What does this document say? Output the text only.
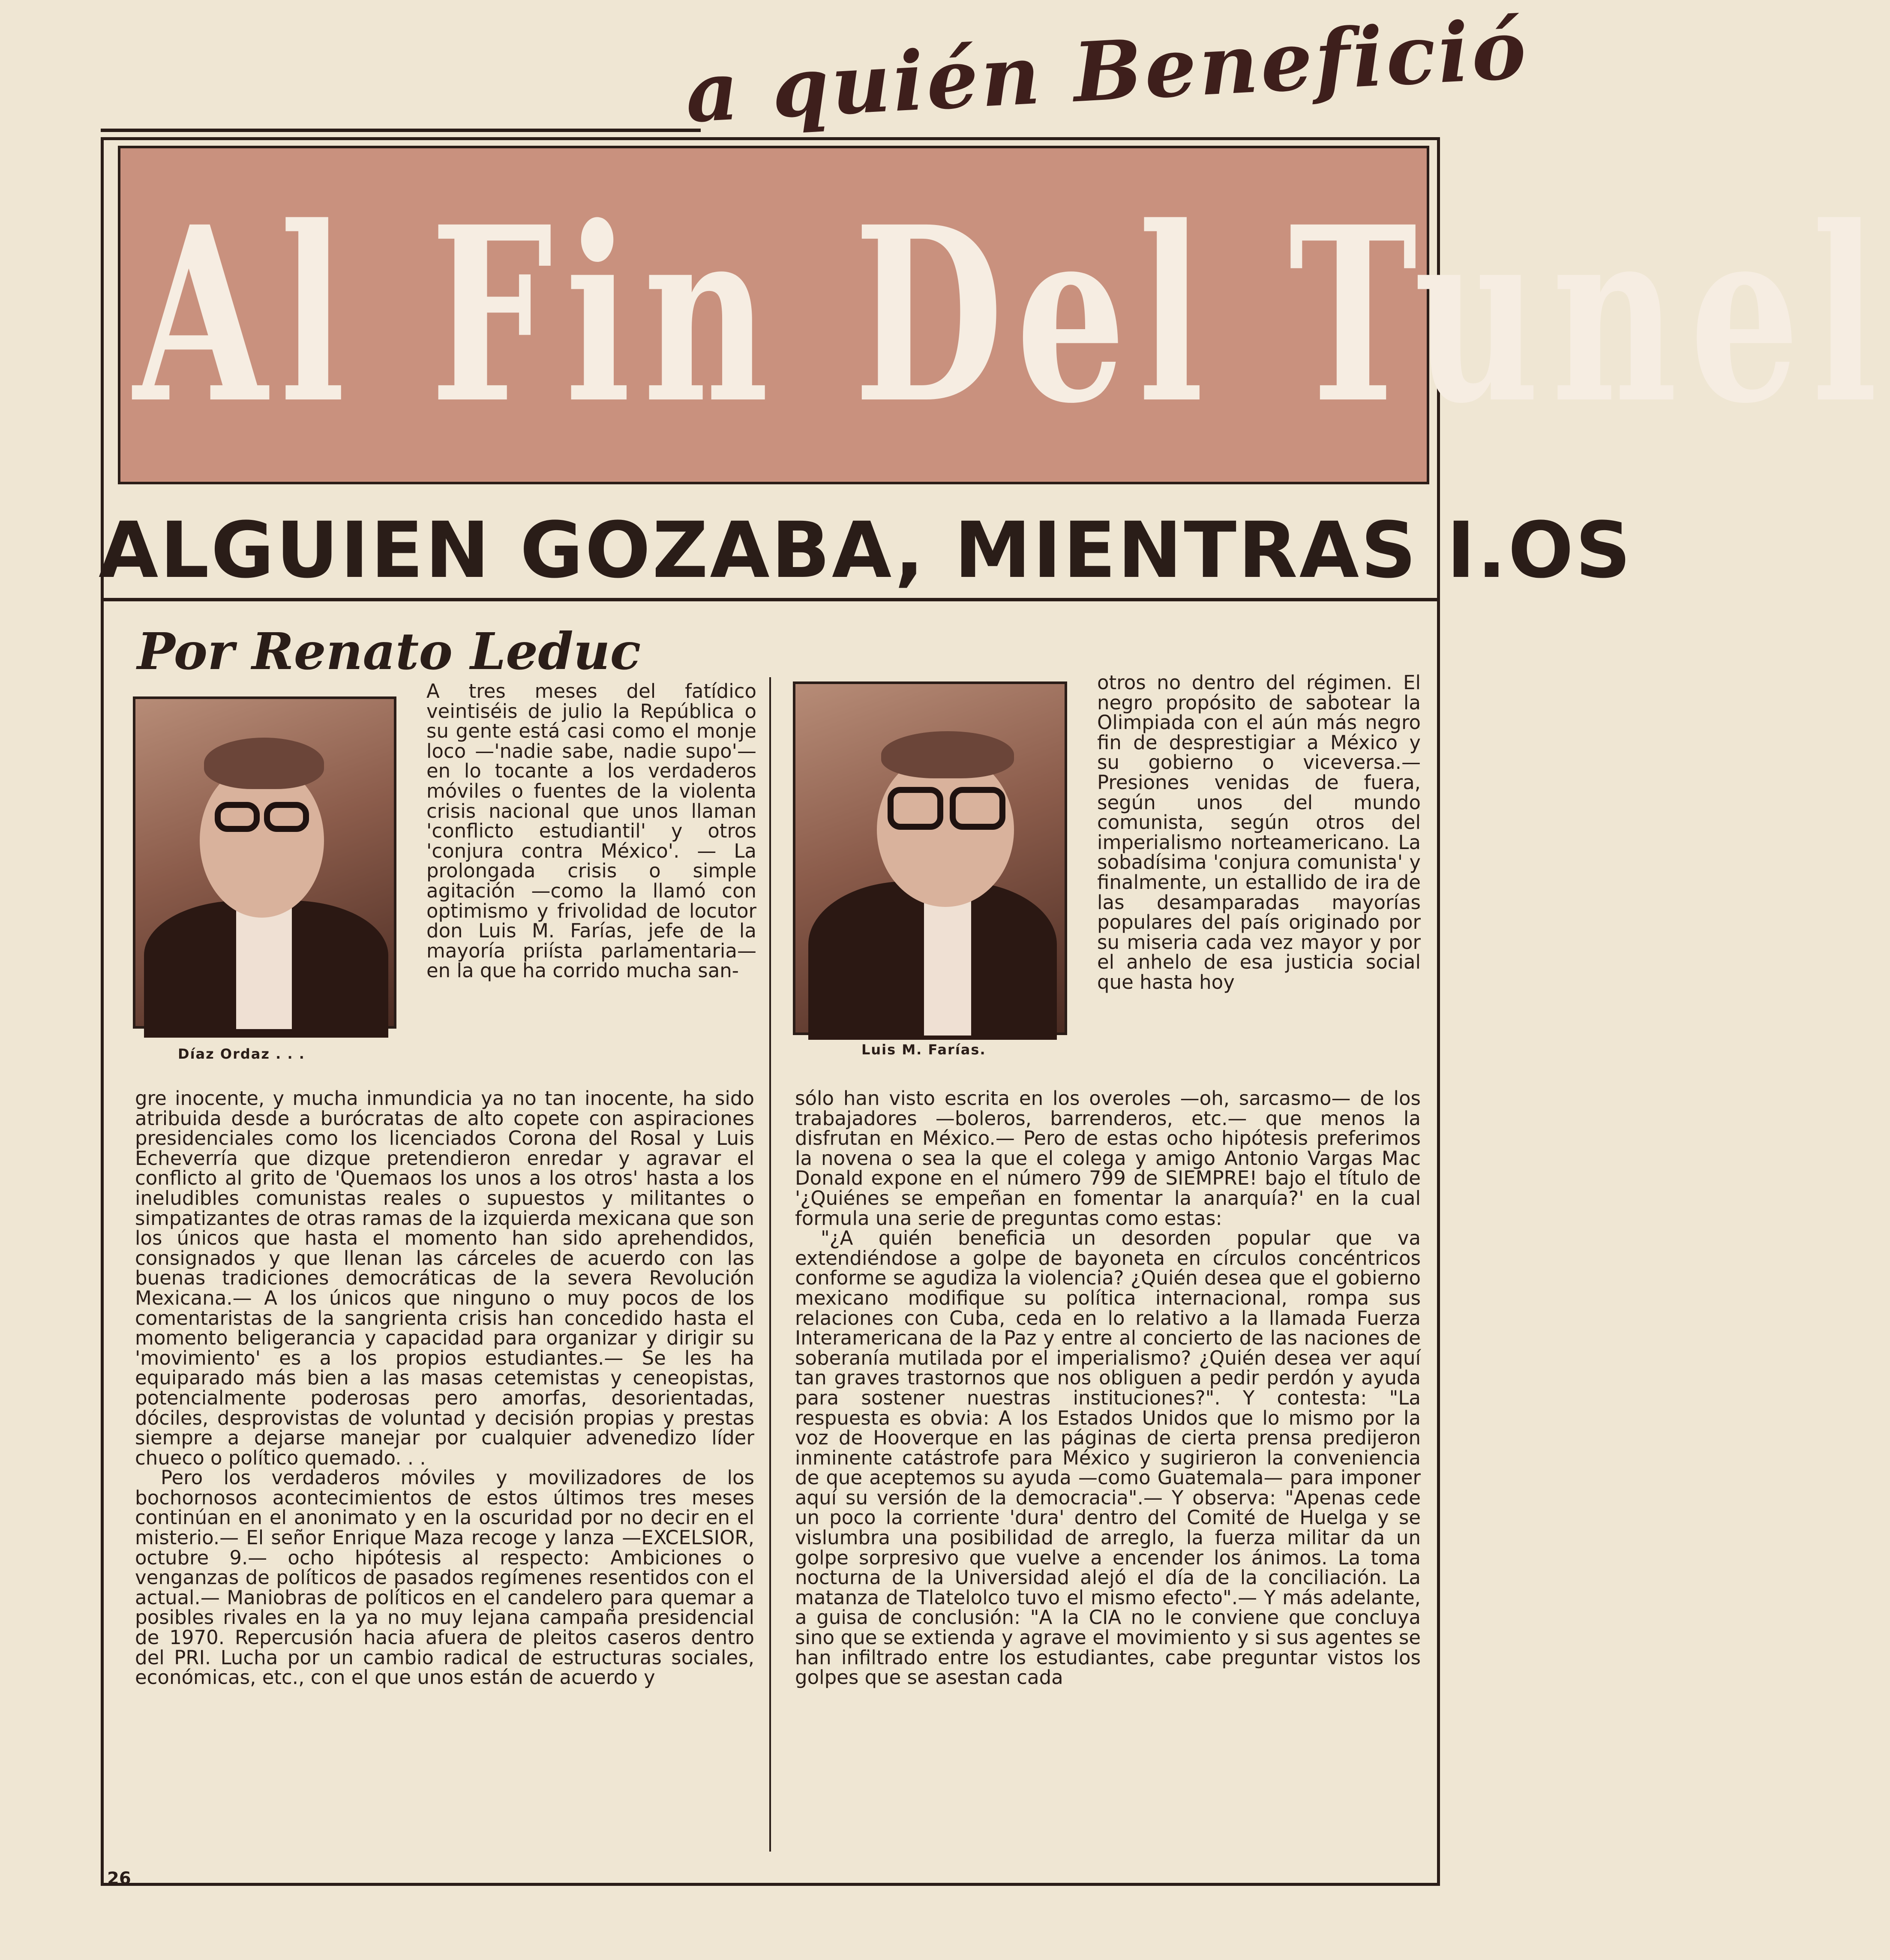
a quién Benefició
Al Fin Del Tunel
ALGUIEN GOZABA, MIENTRAS I.OS
Por Renato Leduc
Díaz Ordaz . . .	Luis M. Farías.

A tres meses del fatídico veintiséis de julio la República o su gente está casi como el monje loco —'nadie sabe, nadie supo'— en lo tocante a los verdaderos móviles o fuentes de la violenta crisis nacional que unos llaman 'conflicto estudiantil' y otros 'conjura contra México'. — La prolongada crisis o simple agitación —como la llamó con optimismo y frivolidad de locutor don Luis M. Farías, jefe de la mayoría priísta parlamentaria— en la que ha corrido mucha san-

gre inocente, y mucha inmundicia ya no tan inocente, ha sido atribuida desde a burócratas de alto copete con aspiraciones presidenciales como los licenciados Corona del Rosal y Luis Echeverría que dizque pretendieron enredar y agravar el conflicto al grito de 'Quemaos los unos a los otros' hasta a los ineludibles comunistas reales o supuestos y militantes o simpatizantes de otras ramas de la izquierda mexicana que son los únicos que hasta el momento han sido aprehendidos, consignados y que llenan las cárceles de acuerdo con las buenas tradiciones democráticas de la severa Revolución Mexicana.— A los únicos que ninguno o muy pocos de los comentaristas de la sangrienta crisis han concedido hasta el momento beligerancia y capacidad para organizar y dirigir su 'movimiento' es a los propios estudiantes.— Se les ha equiparado más bien a las masas cetemistas y ceneopistas, potencialmente poderosas pero amorfas, desorientadas, dóciles, desprovistas de voluntad y decisión propias y prestas siempre a dejarse manejar por cualquier advenedizo líder chueco o político quemado. . .

Pero los verdaderos móviles y movilizadores de los bochornosos acontecimientos de estos últimos tres meses continúan en el anonimato y en la oscuridad por no decir en el misterio.— El señor Enrique Maza recoge y lanza —EXCELSIOR, octubre 9.— ocho hipótesis al respecto: Ambiciones o venganzas de políticos de pasados regímenes resentidos con el actual.— Maniobras de políticos en el candelero para quemar a posibles rivales en la ya no muy lejana campaña presidencial de 1970. Repercusión hacia afuera de pleitos caseros dentro del PRI. Lucha por un cambio radical de estructuras sociales, económicas, etc., con el que unos están de acuerdo y

otros no dentro del régimen. El negro propósito de sabotear la Olimpiada con el aún más negro fin de desprestigiar a México y su gobierno o viceversa.— Presiones venidas de fuera, según unos del mundo comunista, según otros del imperialismo norteamericano. La sobadísima 'conjura comunista' y finalmente, un estallido de ira de las desamparadas mayorías populares del país originado por su miseria cada vez mayor y por el anhelo de esa justicia social que hasta hoy

sólo han visto escrita en los overoles —oh, sarcasmo— de los trabajadores —boleros, barrenderos, etc.— que menos la disfrutan en México.— Pero de estas ocho hipótesis preferimos la novena o sea la que el colega y amigo Antonio Vargas Mac Donald expone en el número 799 de SIEMPRE! bajo el título de '¿Quiénes se empeñan en fomentar la anarquía?' en la cual formula una serie de preguntas como estas:

"¿A quién beneficia un desorden popular que va extendiéndose a golpe de bayoneta en círculos concéntricos conforme se agudiza la violencia? ¿Quién desea que el gobierno mexicano modifique su política internacional, rompa sus relaciones con Cuba, ceda en lo relativo a la llamada Fuerza Interamericana de la Paz y entre al concierto de las naciones de soberanía mutilada por el imperialismo? ¿Quién desea ver aquí tan graves trastornos que nos obliguen a pedir perdón y ayuda para sostener nuestras instituciones?". Y contesta: "La respuesta es obvia: A los Estados Unidos que lo mismo por la voz de Hooverque en las páginas de cierta prensa predijeron inminente catástrofe para México y sugirieron la conveniencia de que aceptemos su ayuda —como Guatemala— para imponer aquí su versión de la democracia".— Y observa: "Apenas cede un poco la corriente 'dura' dentro del Comité de Huelga y se vislumbra una posibilidad de arreglo, la fuerza militar da un golpe sorpresivo que vuelve a encender los ánimos. La toma nocturna de la Universidad alejó el día de la conciliación. La matanza de Tlatelolco tuvo el mismo efecto".— Y más adelante, a guisa de conclusión: "A la CIA no le conviene que concluya sino que se extienda y agrave el movimiento y si sus agentes se han infiltrado entre los estudiantes, cabe preguntar vistos los golpes que se asestan cada

26
